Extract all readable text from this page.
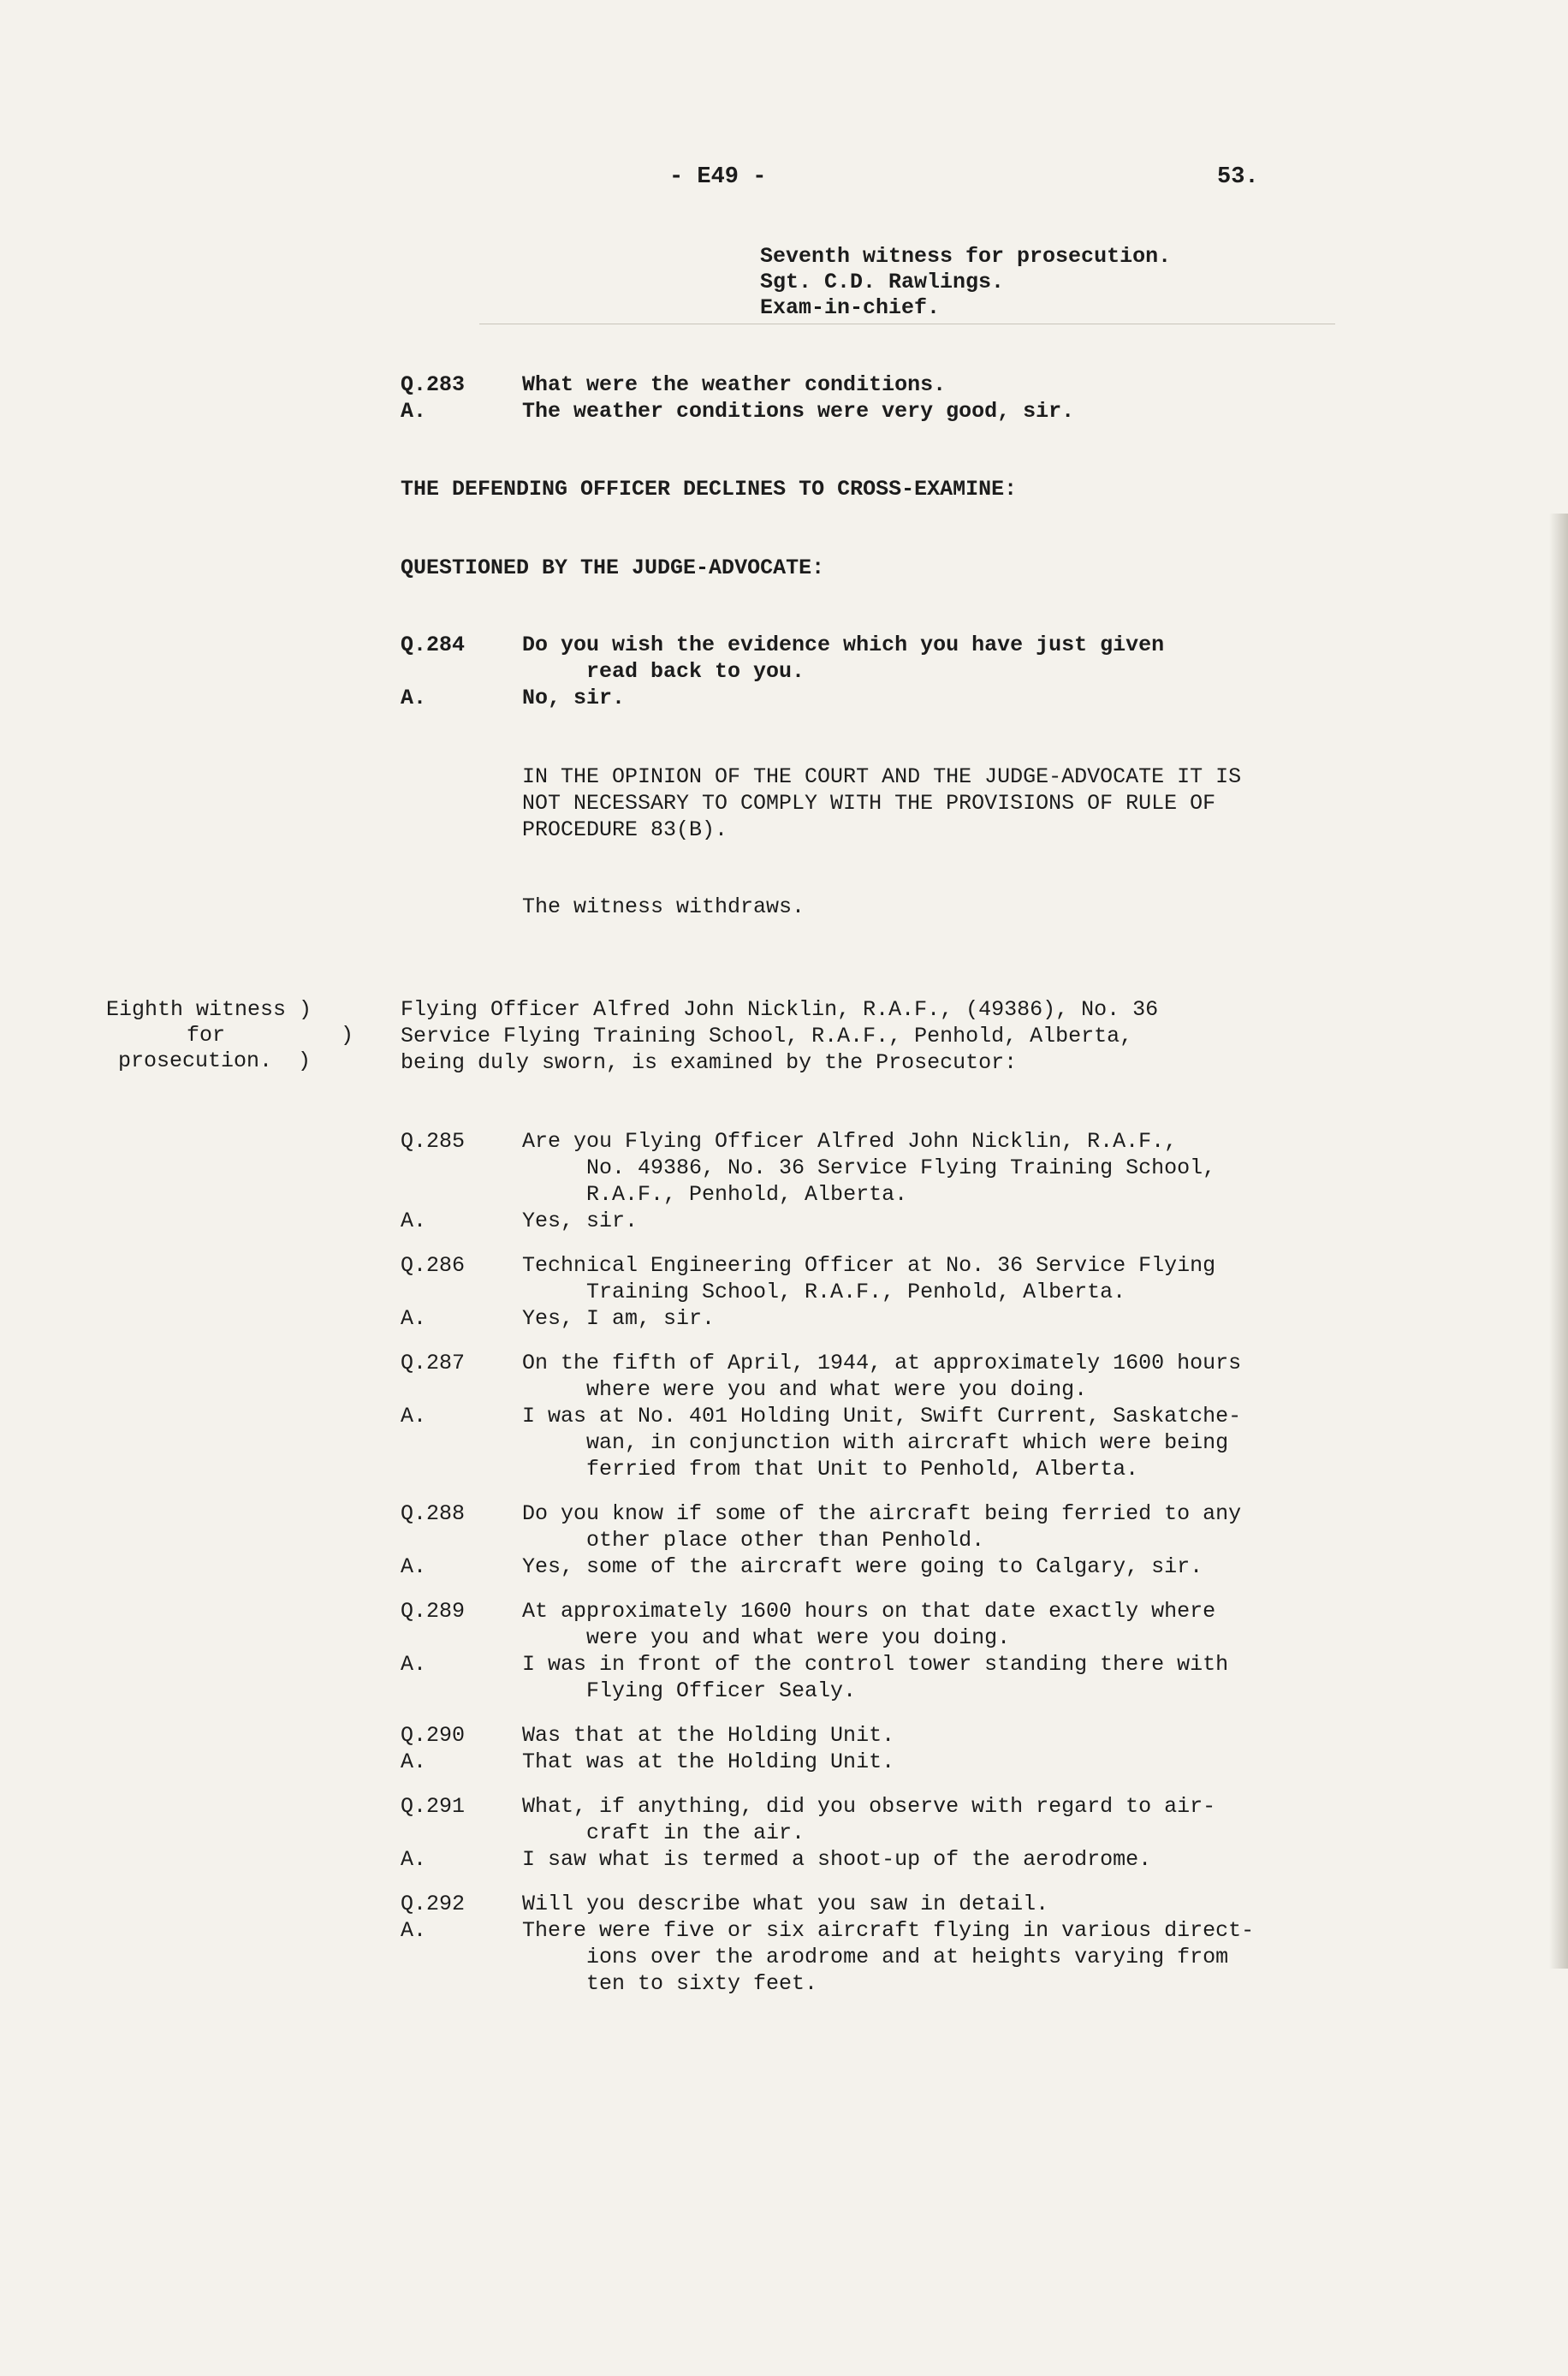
- E49 -	53.
Seventh witness for prosecution.
Sgt. C.D. Rawlings.
Exam-in-chief.
Q.283	What were the weather conditions.
A.	The weather conditions were very good, sir.
THE DEFENDING OFFICER DECLINES TO CROSS-EXAMINE:
QUESTIONED BY THE JUDGE-ADVOCATE:
Q.284	Do you wish the evidence which you have just given
read back to you.
A.	No, sir.
IN THE OPINION OF THE COURT AND THE JUDGE-ADVOCATE IT IS
NOT NECESSARY TO COMPLY WITH THE PROVISIONS OF RULE OF
PROCEDURE 83(B).
The witness withdraws.
Eighth witness )
for         )
prosecution.  )
Flying Officer Alfred John Nicklin, R.A.F., (49386), No. 36
Service Flying Training School, R.A.F., Penhold, Alberta,
being duly sworn, is examined by the Prosecutor:
Q.285	Are you Flying Officer Alfred John Nicklin, R.A.F.,
No. 49386, No. 36 Service Flying Training School,
R.A.F., Penhold, Alberta.
A.	Yes, sir.
Q.286	Technical Engineering Officer at No. 36 Service Flying
Training School, R.A.F., Penhold, Alberta.
A.	Yes, I am, sir.
Q.287	On the fifth of April, 1944, at approximately 1600 hours
where were you and what were you doing.
A.	I was at No. 401 Holding Unit, Swift Current, Saskatche-
wan, in conjunction with aircraft which were being
ferried from that Unit to Penhold, Alberta.
Q.288	Do you know if some of the aircraft being ferried to any
other place other than Penhold.
A.	Yes, some of the aircraft were going to Calgary, sir.
Q.289	At approximately 1600 hours on that date exactly where
were you and what were you doing.
A.	I was in front of the control tower standing there with
Flying Officer Sealy.
Q.290	Was that at the Holding Unit.
A.	That was at the Holding Unit.
Q.291	What, if anything, did you observe with regard to air-
craft in the air.
A.	I saw what is termed a shoot-up of the aerodrome.
Q.292	Will you describe what you saw in detail.
A.	There were five or six aircraft flying in various direct-
ions over the arodrome and at heights varying from
ten to sixty feet.
